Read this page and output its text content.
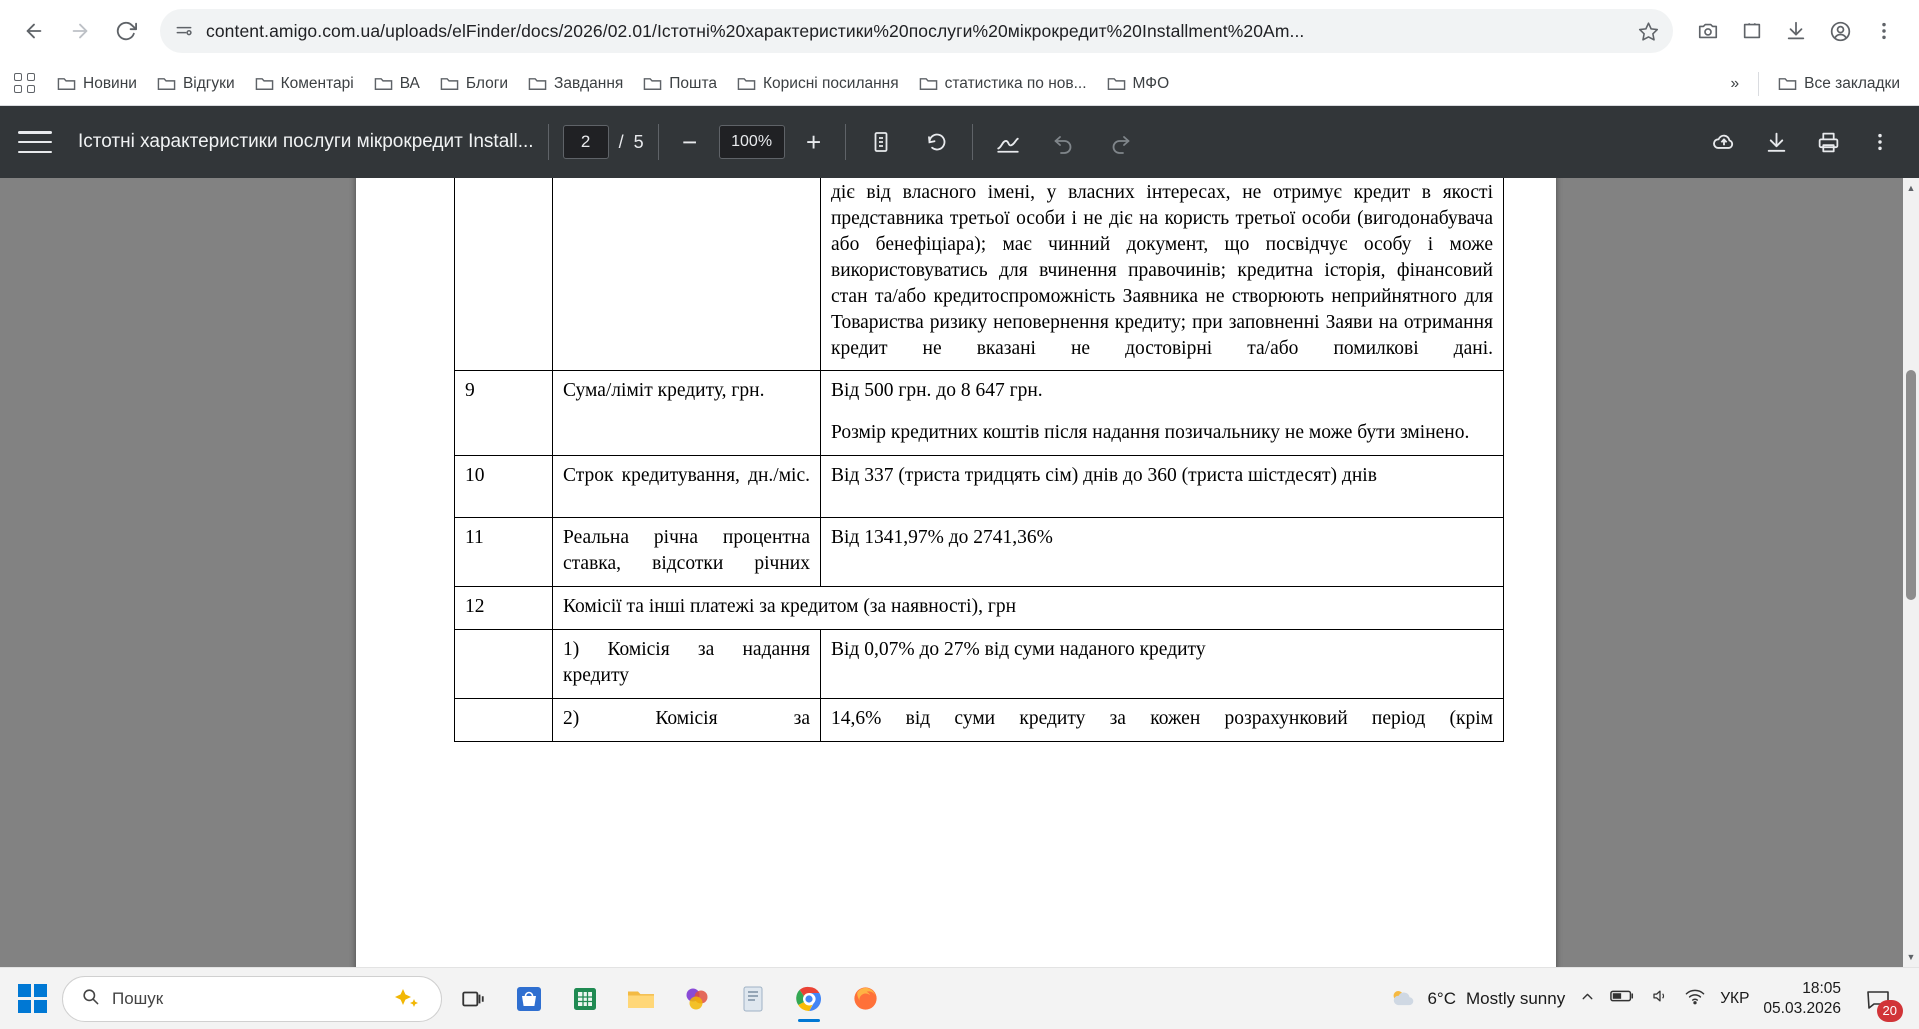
content.amigo.com.ua/uploads/elFinder/docs/2026/02.01/Істотні%20характеристики%20послуги%20мікрокредит%20Installment%20Am...
Новини	Відгуки	Коментарі	ВА	Блоги	Завдання	Пошта	Корисні посилання	статистика по нов...	МФО	»	Все закладки
Істотні характеристики послуги мікрокредит Install...
2	/ 5	−
100%	+
		діє від власного імені, у власних інтересах, не отримує кредит в якості представника третьої особи і не діє на користь третьої особи (вигодонабувача або бенефіціара); має чинний документ, що посвідчує особу і може використовуватись для вчинення правочинів; кредитна історія, фінансовий стан та/або кредитоспроможність Заявника не створюють неприйнятного для Товариства ризику неповернення кредиту; при заповненні Заяви на отримання кредит не вказані не достовірні та/або помилкові дані.
9	Сума/ліміт кредиту, грн.	Від 500 грн. до 8 647 грн.

Розмір кредитних коштів після надання позичальнику не може бути змінено.

10	Строк кредитування, дн./міс.	Від 337 (триста тридцять сім) днів до 360 (триста шістдесят) днів
11	Реальна річна процентна ставка, відсотки річних	Від 1341,97% до 2741,36%
12	Комісії та інші платежі за кредитом (за наявності), грн	
	1) Комісія за надання кредиту	Від 0,07% до 27% від суми наданого кредиту
	2) Комісія за	14,6% від суми кредиту за кожен розрахунковий період (крім
▲
▼
Пошук	6°C Mostly sunny	УКР
18:05
05.03.2026	20
